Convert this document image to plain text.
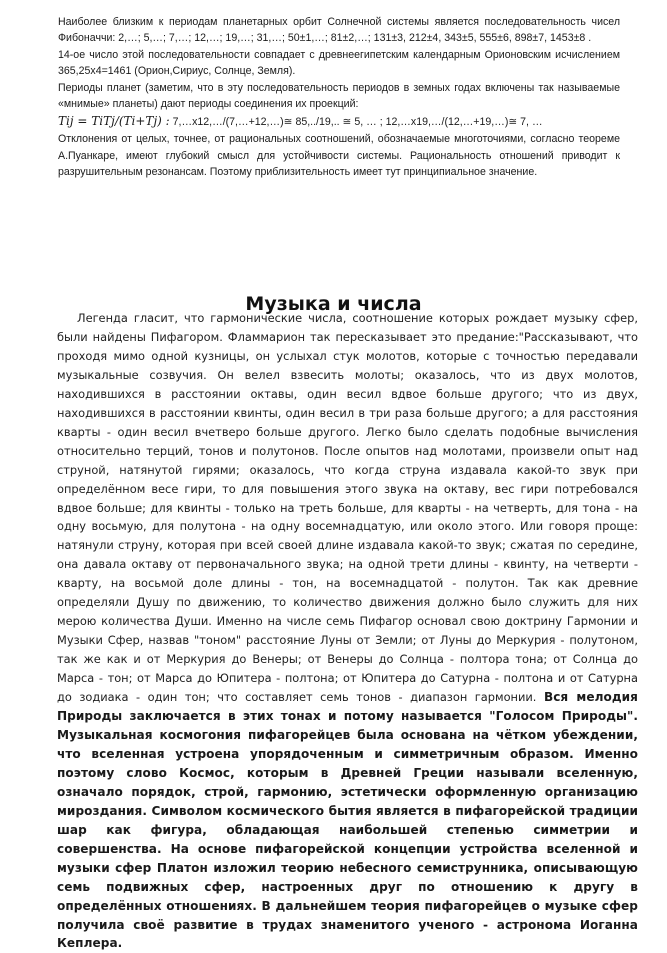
Наиболее близким к периодам планетарных орбит Солнечной системы является последовательность чисел Фибоначчи: 2,…; 5,…; 7,…; 12,…; 19,…; 31,…; 50±1,…; 81±2,…; 131±3, 212±4, 343±5, 555±6, 898±7, 1453±8 .

14-ое число этой последовательности совпадает с древнеегипетским календарным Орионовским исчислением 365,25х4=1461 (Орион,Сириус, Солнце, Земля).

Периоды планет (заметим, что в эту последовательность периодов в земных годах включены так называемые «мнимые» планеты) дают периоды соединения их проекций:

Tij = TiTj/(Ti+Tj) : 7,…х12,…/(7,…+12,…)≅ 85,../19,.. ≅ 5, … ; 12,…х19,…/(12,…+19,…)≅ 7, …

Отклонения от целых, точнее, от рациональных соотношений, обозначаемые многоточиями, согласно теореме А.Пуанкаре, имеют глубокий смысл для устойчивости системы. Рациональность отношений приводит к разрушительным резонансам. Поэтому приблизительность имеет тут принципиальное значение.

Музыка и числа

Легенда гласит, что гармонические числа, соотношение которых рождает музыку сфер, были найдены Пифагором. Фламмарион так пересказывает это предание:"Рассказывают, что проходя мимо одной кузницы, он услыхал стук молотов, которые с точностью передавали музыкальные созвучия. Он велел взвесить молоты; оказалось, что из двух молотов, находившихся в расстоянии октавы, один весил вдвое больше другого; что из двух, находившихся в расстоянии квинты, один весил в три раза больше другого; а для расстояния кварты - один весил вчетверо больше другого. Легко было сделать подобные вычисления относительно терций, тонов и полутонов. После опытов над молотами, произвели опыт над струной, натянутой гирями; оказалось, что когда струна издавала какой-то звук при определённом весе гири, то для повышения этого звука на октаву, вес гири потребовался вдвое больше; для квинты - только на треть больше, для кварты - на четверть, для тона - на одну восьмую, для полутона - на одну восемнадцатую, или около этого. Или говоря проще: натянули струну, которая при всей своей длине издавала какой-то звук; сжатая по середине, она давала октаву от первоначального звука; на одной трети длины - квинту, на четверти - кварту, на восьмой доле длины - тон, на восемнадцатой - полутон. Так как древние определяли Душу по движению, то количество движения должно было служить для них мерою количества Души. Именно на числе семь Пифагор основал свою доктрину Гармонии и Музыки Сфер, назвав "тоном" расстояние Луны от Земли; от Луны до Меркурия - полутоном, так же как и от Меркурия до Венеры; от Венеры до Солнца - полтора тона; от Солнца до Марса - тон; от Марса до Юпитера - полтона; от Юпитера до Сатурна - полтона и от Сатурна до зодиака - один тон; что составляет семь тонов - диапазон гармонии. Вся мелодия Природы заключается в этих тонах и потому называется "Голосом Природы". Музыкальная космогония пифагорейцев была основана на чётком убеждении, что вселенная устроена упорядоченным и симметричным образом. Именно поэтому слово Космос, которым в Древней Греции называли вселенную, означало порядок, строй, гармонию, эстетически оформленную организацию мироздания. Символом космического бытия является в пифагорейской традиции шар как фигура, обладающая наибольшей степенью симметрии и совершенства. На основе пифагорейской концепции устройства вселенной и музыки сфер Платон изложил теорию небесного семиструнника, описывающую семь подвижных сфер, настроенных друг по отношению к другу в определённых отношениях. В дальнейшем теория пифагорейцев о музыке сфер получила своё развитие в трудах знаменитого ученого - астронома Иоганна Кеплера.
